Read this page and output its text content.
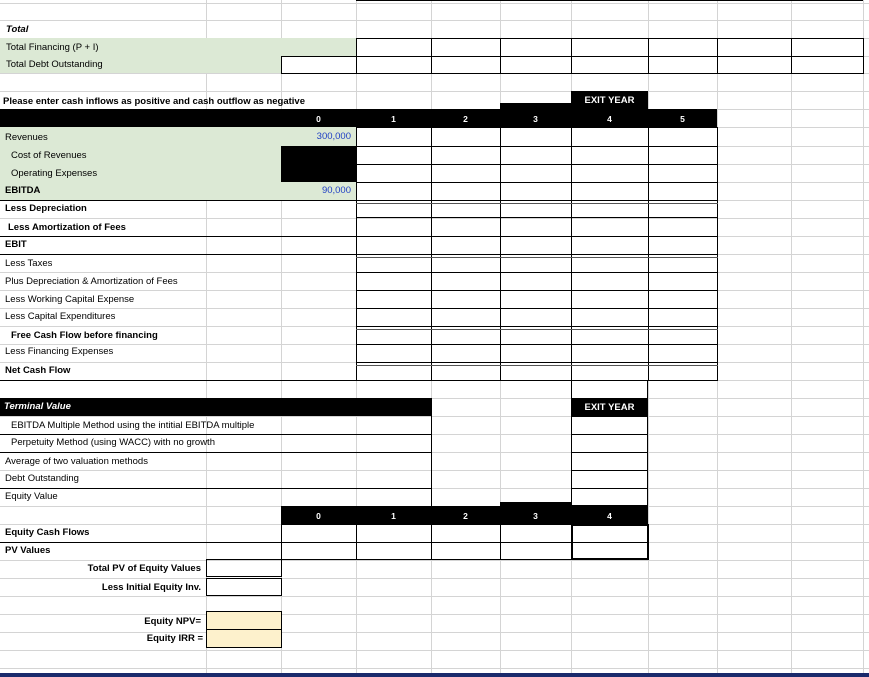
Total
Total Financing (P + I)
Total Debt Outstanding
Please enter cash inflows as positive and cash outflow as negative	EXIT YEAR
0	1	2	3	4	5
Revenues	300,000
Cost of Revenues
Operating Expenses
EBITDA	90,000
Less Depreciation
Less Amortization of Fees
EBIT
Less Taxes
Plus Depreciation & Amortization of Fees
Less Working Capital Expense
Less Capital Expenditures
Free Cash Flow before financing
Less Financing Expenses
Net Cash Flow
Terminal Value	EXIT YEAR
EBITDA Multiple Method using the intitial EBITDA multiple
Perpetuity Method (using WACC) with no growth
Average of two valuation methods
Debt Outstanding
Equity Value
0	1	2	3	4
Equity Cash Flows
PV Values
Total PV of Equity Values
Less Initial Equity Inv.
Equity NPV=
Equity IRR =
